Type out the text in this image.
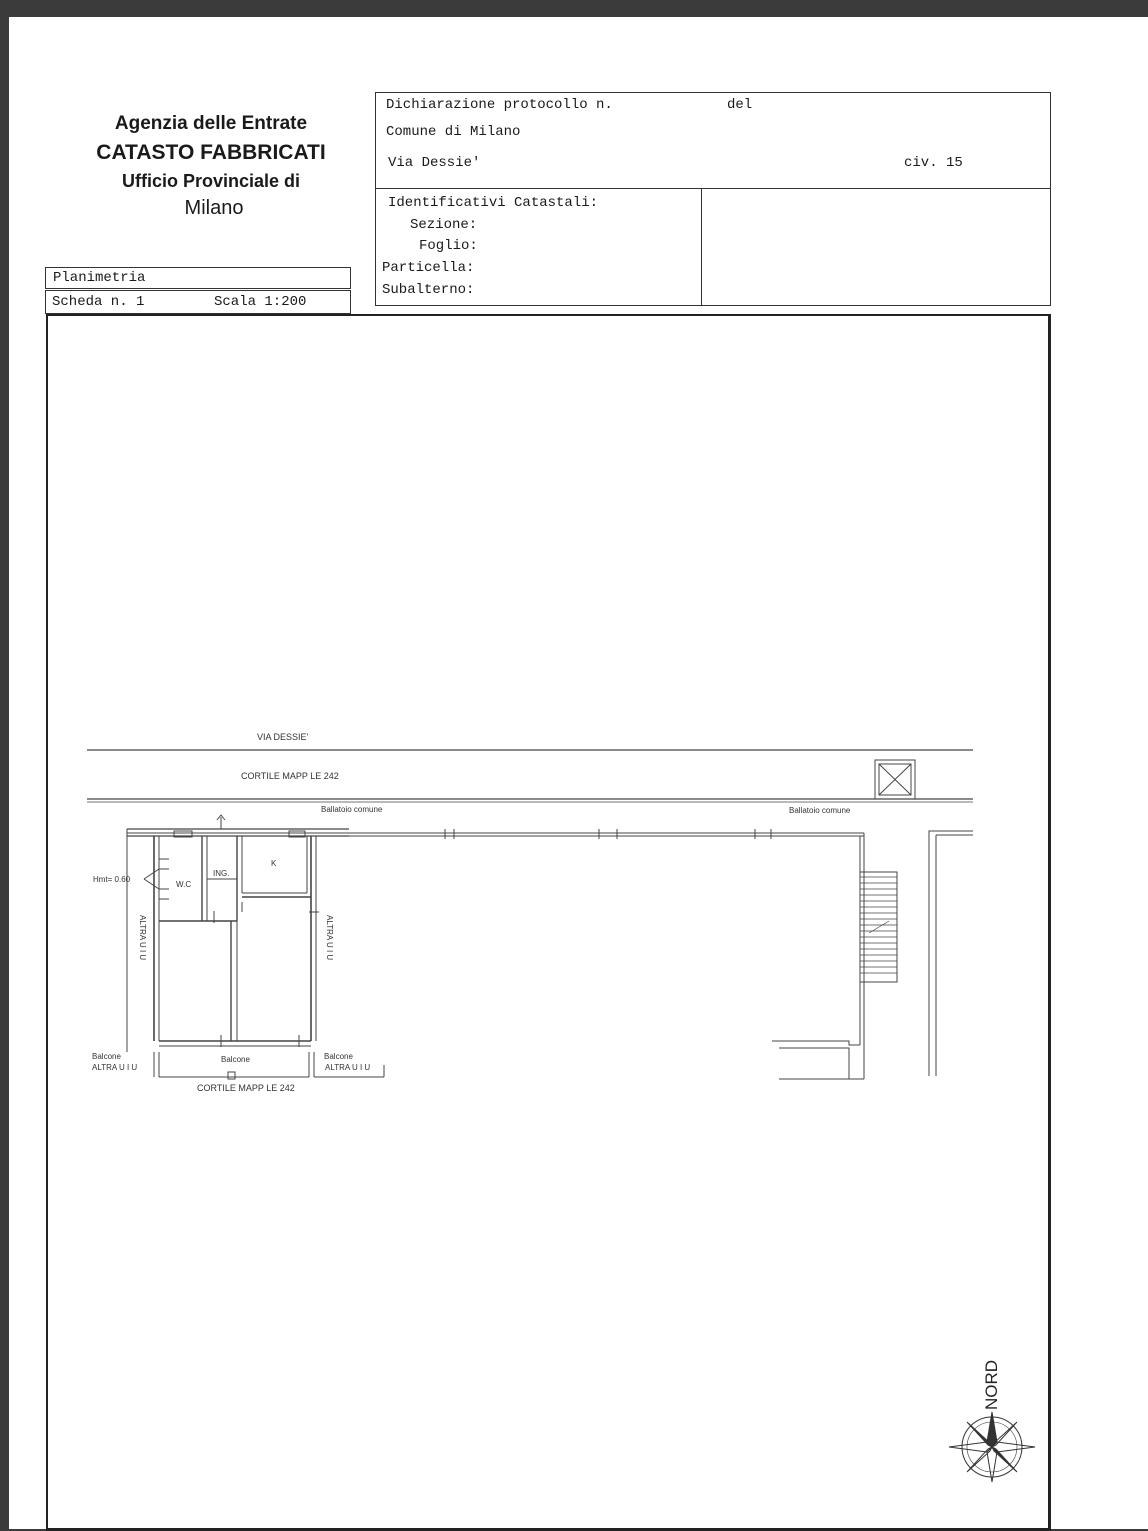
Agenzia delle Entrate
CATASTO FABBRICATI
Ufficio Provinciale di
Milano
Dichiarazione protocollo n.	del
Comune di Milano
Via Dessie'	civ. 15
Identificativi Catastali:
Sezione:
Foglio:
Particella:
Subalterno:
Planimetria
Scheda n. 1	Scala 1:200
VIA DESSIE'
CORTILE MAPP LE 242
Ballatoio comune	Ballatoio comune
Hmt= 0.60
W.C
ING.
K
ALTRA U I U	ALTRA U I U
Balcone
ALTRA U I U
Balcone	Balcone
ALTRA U I U
CORTILE MAPP LE 242
NORD
